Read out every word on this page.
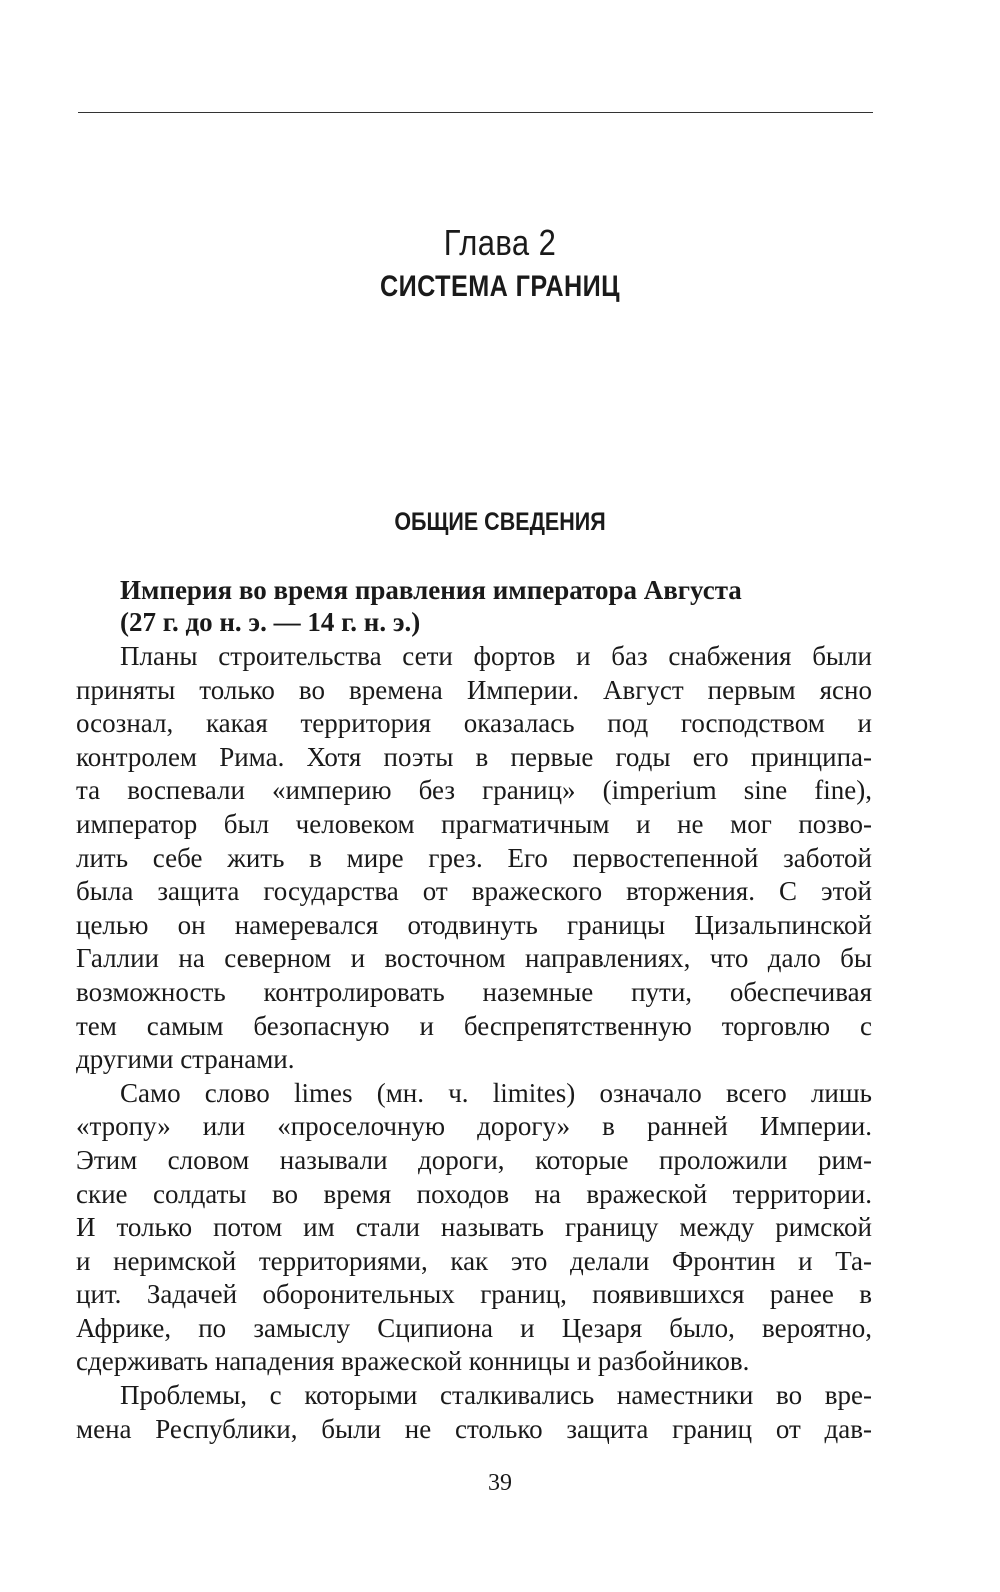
Глава 2
СИСТЕМА ГРАНИЦ
ОБЩИЕ СВЕДЕНИЯ
Империя во время правления императора Августа
(27 г. до н. э. — 14 г. н. э.)
Планы строительства сети фортов и баз снабжения были
приняты только во времена Империи. Август первым ясно
осознал, какая территория оказалась под господством и
контролем Рима. Хотя поэты в первые годы его принципа-
та воспевали «империю без границ» (imperium sine fine),
император был человеком прагматичным и не мог позво-
лить себе жить в мире грез. Его первостепенной заботой
была защита государства от вражеского вторжения. С этой
целью он намеревался отодвинуть границы Цизальпинской
Галлии на северном и восточном направлениях, что дало бы
возможность контролировать наземные пути, обеспечивая
тем самым безопасную и беспрепятственную торговлю с
другими странами.
Само слово limes (мн. ч. limites) означало всего лишь
«тропу» или «проселочную дорогу» в ранней Империи.
Этим словом называли дороги, которые проложили рим-
ские солдаты во время походов на вражеской территории.
И только потом им стали называть границу между римской
и неримской территориями, как это делали Фронтин и Та-
цит. Задачей оборонительных границ, появившихся ранее в
Африке, по замыслу Сципиона и Цезаря было, вероятно,
сдерживать нападения вражеской конницы и разбойников.
Проблемы, с которыми сталкивались наместники во вре-
мена Республики, были не столько защита границ от дав-
39
